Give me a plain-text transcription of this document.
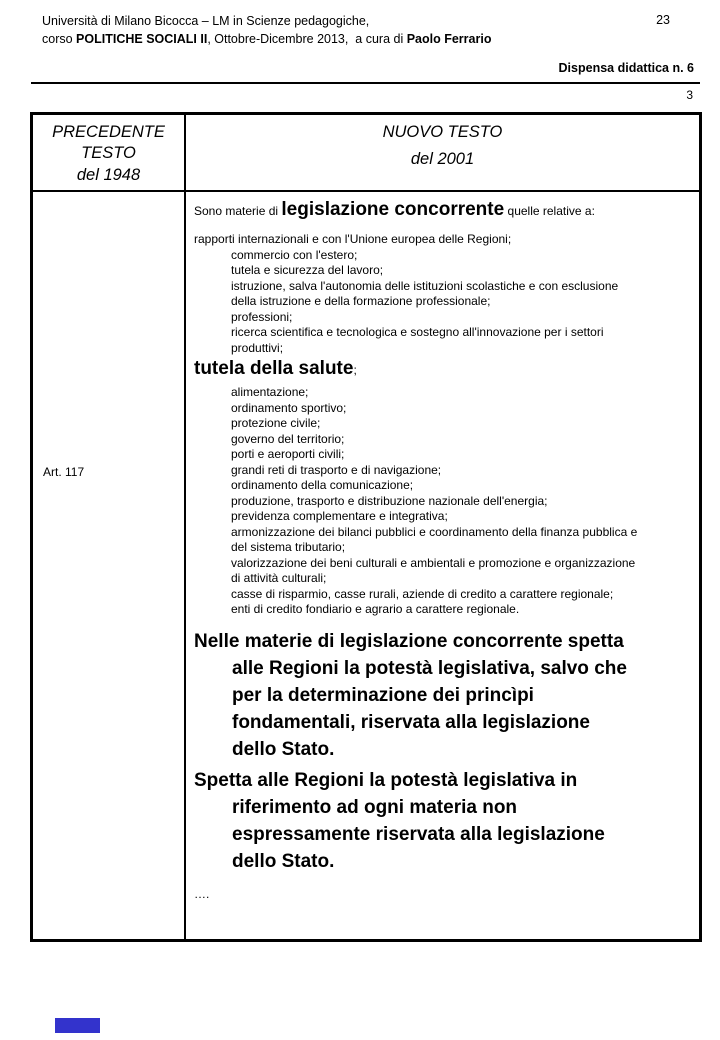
Università di Milano Bicocca – LM in Scienze pedagogiche,
corso POLITICHE SOCIALI II, Ottobre-Dicembre 2013,  a cura di Paolo Ferrario
23
Dispensa didattica n. 6
3
PRECEDENTE TESTO
del 1948
NUOVO TESTO
del 2001
Art. 117
Sono materie di legislazione concorrente quelle relative a:
rapporti internazionali e con l'Unione europea delle Regioni;
commercio con l'estero;
tutela e sicurezza del lavoro;
istruzione, salva l'autonomia delle istituzioni scolastiche e con esclusione
della istruzione e della formazione professionale;
professioni;
ricerca scientifica e tecnologica e sostegno all'innovazione per i settori
produttivi;
tutela della salute;
alimentazione;
ordinamento sportivo;
protezione civile;
governo del territorio;
porti e aeroporti civili;
grandi reti di trasporto e di navigazione;
ordinamento della comunicazione;
produzione, trasporto e distribuzione nazionale dell'energia;
previdenza complementare e integrativa;
armonizzazione dei bilanci pubblici e coordinamento della finanza pubblica e
del sistema tributario;
valorizzazione dei beni culturali e ambientali e promozione e organizzazione
di attività culturali;
casse di risparmio, casse rurali, aziende di credito a carattere regionale;
enti di credito fondiario e agrario a carattere regionale.
Nelle materie di legislazione concorrente spetta
alle Regioni la potestà legislativa, salvo che
per la determinazione dei princìpi
fondamentali, riservata alla legislazione
dello Stato.
Spetta alle Regioni la potestà legislativa in
riferimento ad ogni materia non
espressamente riservata alla legislazione
dello Stato.
….
